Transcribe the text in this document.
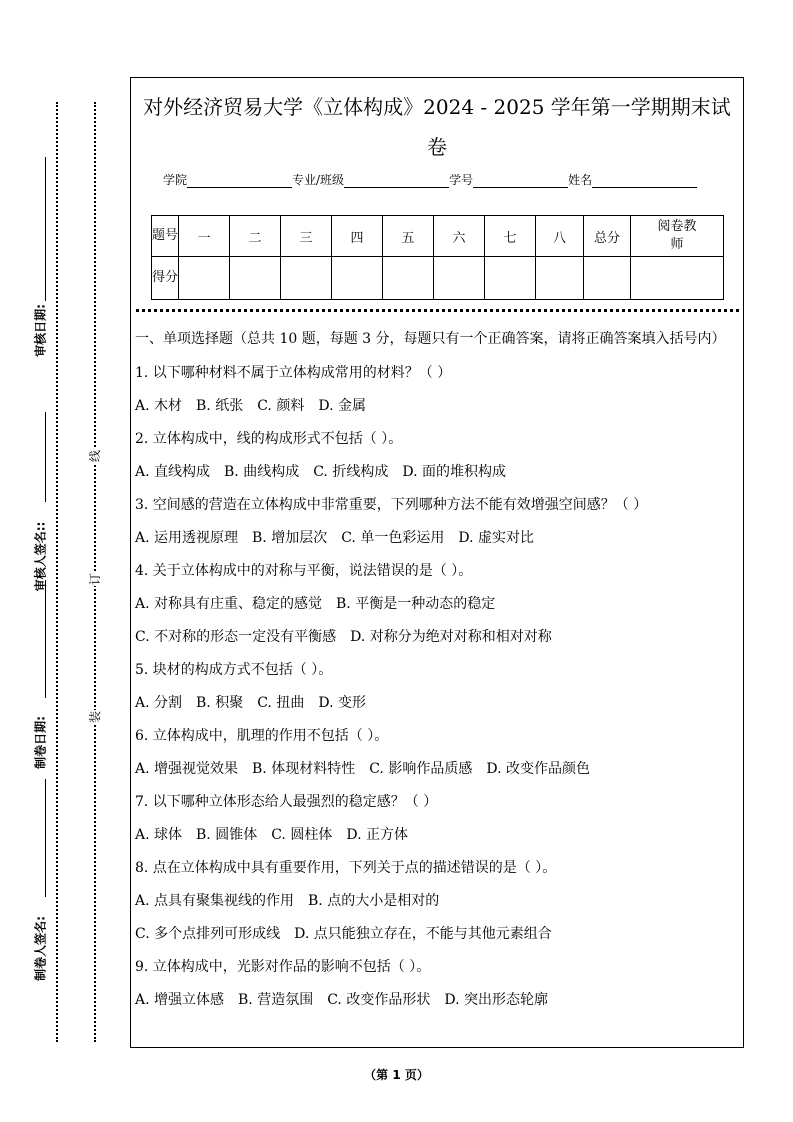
审核日期:
审核人签名::
制卷日期:
制卷人签名:
线
订
装
对外经济贸易大学《立体构成》2024 - 2025 学年第一学期期末试
卷
学院	专业/班级	学号	姓名
题号	一	二	三	四	五	六	七	八	总分	阅卷教师
得分										
一、单项选择题（总共 10 题，每题 3 分，每题只有一个正确答案，请将正确答案填入括号内）
1. 以下哪种材料不属于立体构成常用的材料？（ ）
A. 木材 B. 纸张 C. 颜料 D. 金属
2. 立体构成中，线的构成形式不包括（ ）。
A. 直线构成 B. 曲线构成 C. 折线构成 D. 面的堆积构成
3. 空间感的营造在立体构成中非常重要，下列哪种方法不能有效增强空间感？（ ）
A. 运用透视原理 B. 增加层次 C. 单一色彩运用 D. 虚实对比
4. 关于立体构成中的对称与平衡，说法错误的是（ ）。
A. 对称具有庄重、稳定的感觉 B. 平衡是一种动态的稳定
C. 不对称的形态一定没有平衡感 D. 对称分为绝对对称和相对对称
5. 块材的构成方式不包括（ ）。
A. 分割 B. 积聚 C. 扭曲 D. 变形
6. 立体构成中，肌理的作用不包括（ ）。
A. 增强视觉效果 B. 体现材料特性 C. 影响作品质感 D. 改变作品颜色
7. 以下哪种立体形态给人最强烈的稳定感？（ ）
A. 球体 B. 圆锥体 C. 圆柱体 D. 正方体
8. 点在立体构成中具有重要作用，下列关于点的描述错误的是（ ）。
A. 点具有聚集视线的作用 B. 点的大小是相对的
C. 多个点排列可形成线 D. 点只能独立存在，不能与其他元素组合
9. 立体构成中，光影对作品的影响不包括（ ）。
A. 增强立体感 B. 营造氛围 C. 改变作品形状 D. 突出形态轮廓
（第 1 页）
